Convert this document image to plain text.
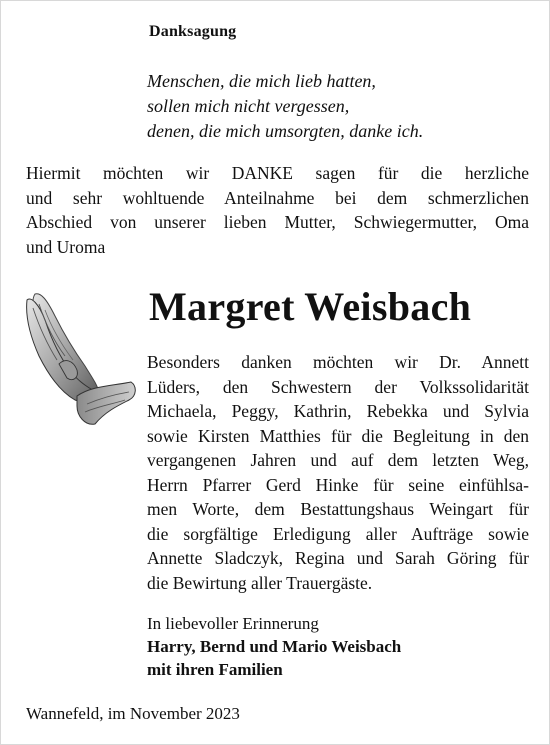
Danksagung
Menschen, die mich lieb hatten,
sollen mich nicht vergessen,
denen, die mich umsorgten, danke ich.
Hiermit möchten wir DANKE sagen für die herzliche
und sehr wohltuende Anteilnahme bei dem schmerzlichen
Abschied von unserer lieben Mutter, Schwiegermutter, Oma
und Uroma
Margret Weisbach
Besonders danken möchten wir Dr. Annett
Lüders, den Schwestern der Volkssolidarität
Michaela, Peggy, Kathrin, Rebekka und Sylvia
sowie Kirsten Matthies für die Begleitung in den
vergangenen Jahren und auf dem letzten Weg,
Herrn Pfarrer Gerd Hinke für seine einfühlsa-
men Worte, dem Bestattungshaus Weingart für
die sorgfältige Erledigung aller Aufträge sowie
Annette Sladczyk, Regina und Sarah Göring für
die Bewirtung aller Trauergäste.
In liebevoller Erinnerung
Harry, Bernd und Mario Weisbach
mit ihren Familien
Wannefeld, im November 2023
